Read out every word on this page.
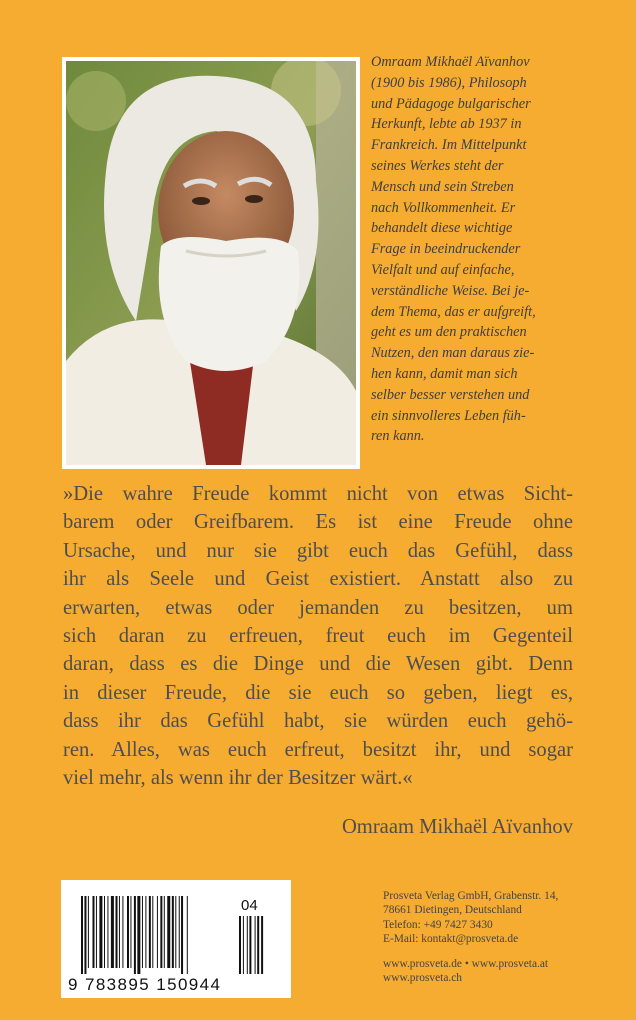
Omraam Mikhaël Aïvanhov
(1900 bis 1986), Philosoph
und Pädagoge bulgarischer
Herkunft, lebte ab 1937 in
Frankreich. Im Mittelpunkt
seines Werkes steht der
Mensch und sein Streben
nach Vollkommenheit. Er
behandelt diese wichtige
Frage in beeindruckender
Vielfalt und auf einfache,
verständliche Weise. Bei je-
dem Thema, das er aufgreift,
geht es um den praktischen
Nutzen, den man daraus zie-
hen kann, damit man sich
selber besser verstehen und
ein sinnvolleres Leben füh-
ren kann.
»Die wahre Freude kommt nicht von etwas Sicht-
barem oder Greifbarem. Es ist eine Freude ohne
Ursache, und nur sie gibt euch das Gefühl, dass
ihr als Seele und Geist existiert. Anstatt also zu
erwarten, etwas oder jemanden zu besitzen, um
sich daran zu erfreuen, freut euch im Gegenteil
daran, dass es die Dinge und die Wesen gibt. Denn
in dieser Freude, die sie euch so geben, liegt es,
dass ihr das Gefühl habt, sie würden euch gehö-
ren. Alles, was euch erfreut, besitzt ihr, und sogar
viel mehr, als wenn ihr der Besitzer wärt.«
Omraam Mikhaël Aïvanhov
04
9 783895 150944
Prosveta Verlag GmbH, Grabenstr. 14,
78661 Dietingen, Deutschland
Telefon: +49 7427 3430
E-Mail: kontakt@prosveta.de
www.prosveta.de • www.prosveta.at
www.prosveta.ch
